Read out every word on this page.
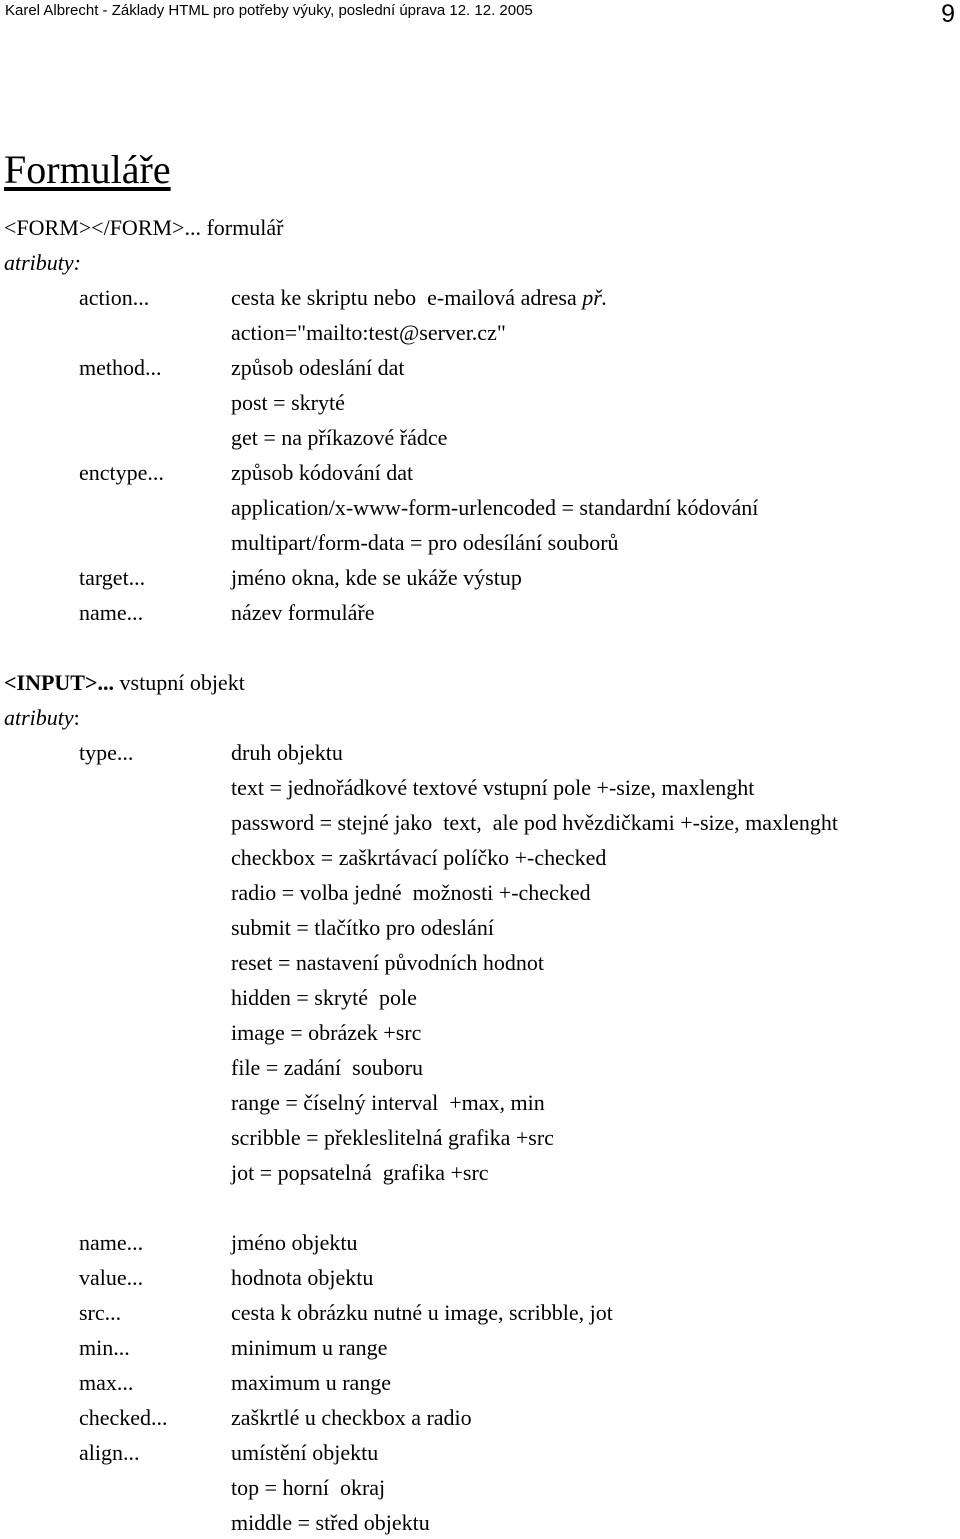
Karel Albrecht - Základy HTML pro potřeby výuky, poslední úprava 12. 12. 2005	9
Formuláře
<FORM></FORM>... formulář
atributy:
action...	cesta ke skriptu nebo  e-mailová adresa př.
action="mailto:test@server.cz"
method...	způsob odeslání dat
post = skryté
get = na příkazové řádce
enctype...	způsob kódování dat
application/x-www-form-urlencoded = standardní kódování
multipart/form-data = pro odesílání souborů
target...	jméno okna, kde se ukáže výstup
name...	název formuláře
<INPUT>... vstupní objekt
atributy:
type...	druh objektu
text = jednořádkové textové vstupní pole +-size, maxlenght
password = stejné jako  text,  ale pod hvězdičkami +-size, maxlenght
checkbox = zaškrtávací políčko +-checked
radio = volba jedné  možnosti +-checked
submit = tlačítko pro odeslání
reset = nastavení původních hodnot
hidden = skryté  pole
image = obrázek +src
file = zadání  souboru
range = číselný interval  +max, min
scribble = překleslitelná grafika +src
jot = popsatelná  grafika +src
name...	jméno objektu
value...	hodnota objektu
src...	cesta k obrázku nutné u image, scribble, jot
min...	minimum u range
max...	maximum u range
checked...	zaškrtlé u checkbox a radio
align...	umístění objektu
top = horní  okraj
middle = střed objektu
